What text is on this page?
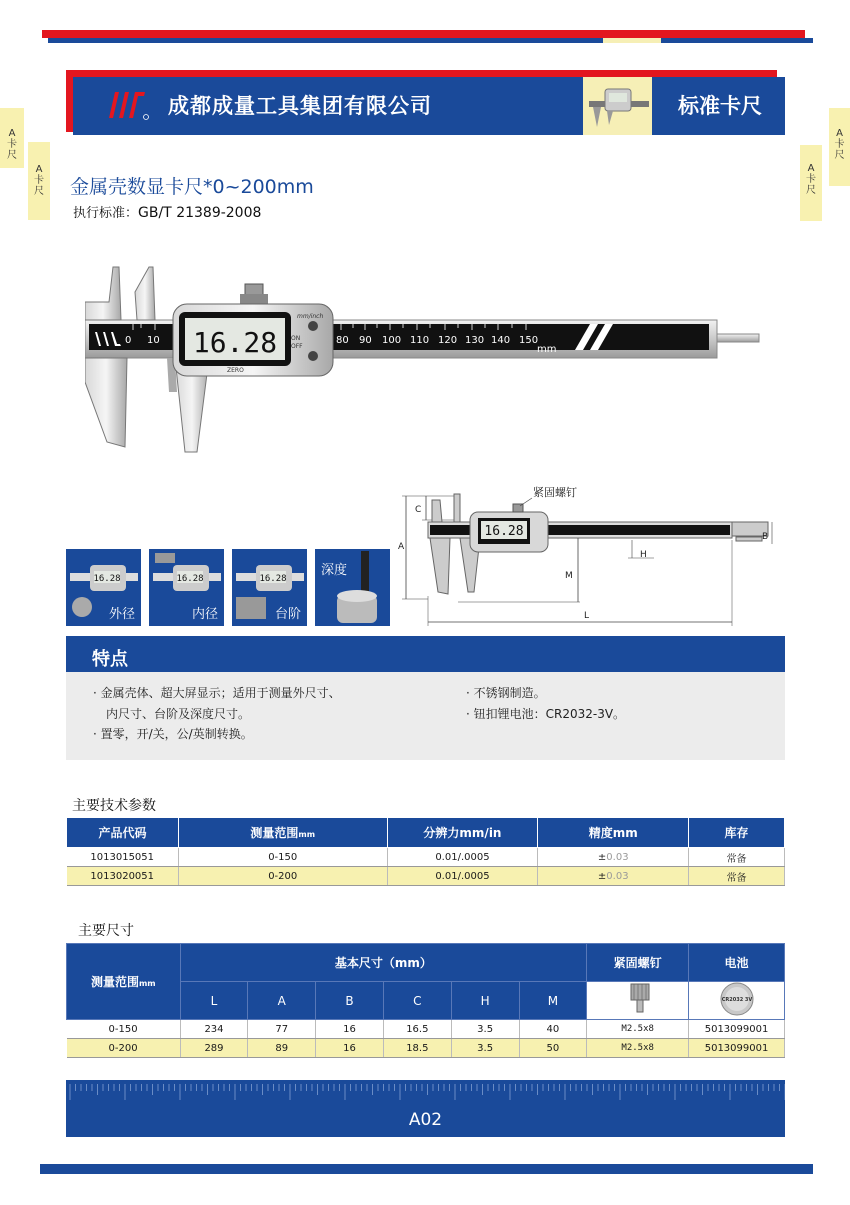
A
卡
尺
A
卡
尺
A
卡
尺
A
卡
尺
成都成量工具集团有限公司	标准卡尺
金属壳数显卡尺*0~200mm
执行标准：GB/T 21389-2008
16.28
mm/inch
ON
OFF
ZERO
0 10	80 90 100 110 120 130 140 150
mm
A
C
16.28
紧固螺钉
M
L
H
B
16.28
外径
16.28
内径
16.28
台阶
深度
特点
· 金属壳体、超大屏显示；适用于测量外尺寸、
内尺寸、台阶及深度尺寸。
· 置零，开/关，公/英制转换。
· 不锈钢制造。
· 钮扣锂电池：CR2032-3V。
主要技术参数
产品代码	测量范围mm	分辨力mm/in	精度mm	库存
1013015051	0-150	0.01/.0005	±0.03	常备
1013020051	0-200	0.01/.0005	±0.03	常备
主要尺寸
测量范围mm	基本尺寸（mm）						紧固螺钉	电池
	L	A	B	C	H	M		CR2032 3V

0-150	234	77	16	16.5	3.5	40	M2.5x8	5013099001
0-200	289	89	16	18.5	3.5	50	M2.5x8	5013099001
A02
